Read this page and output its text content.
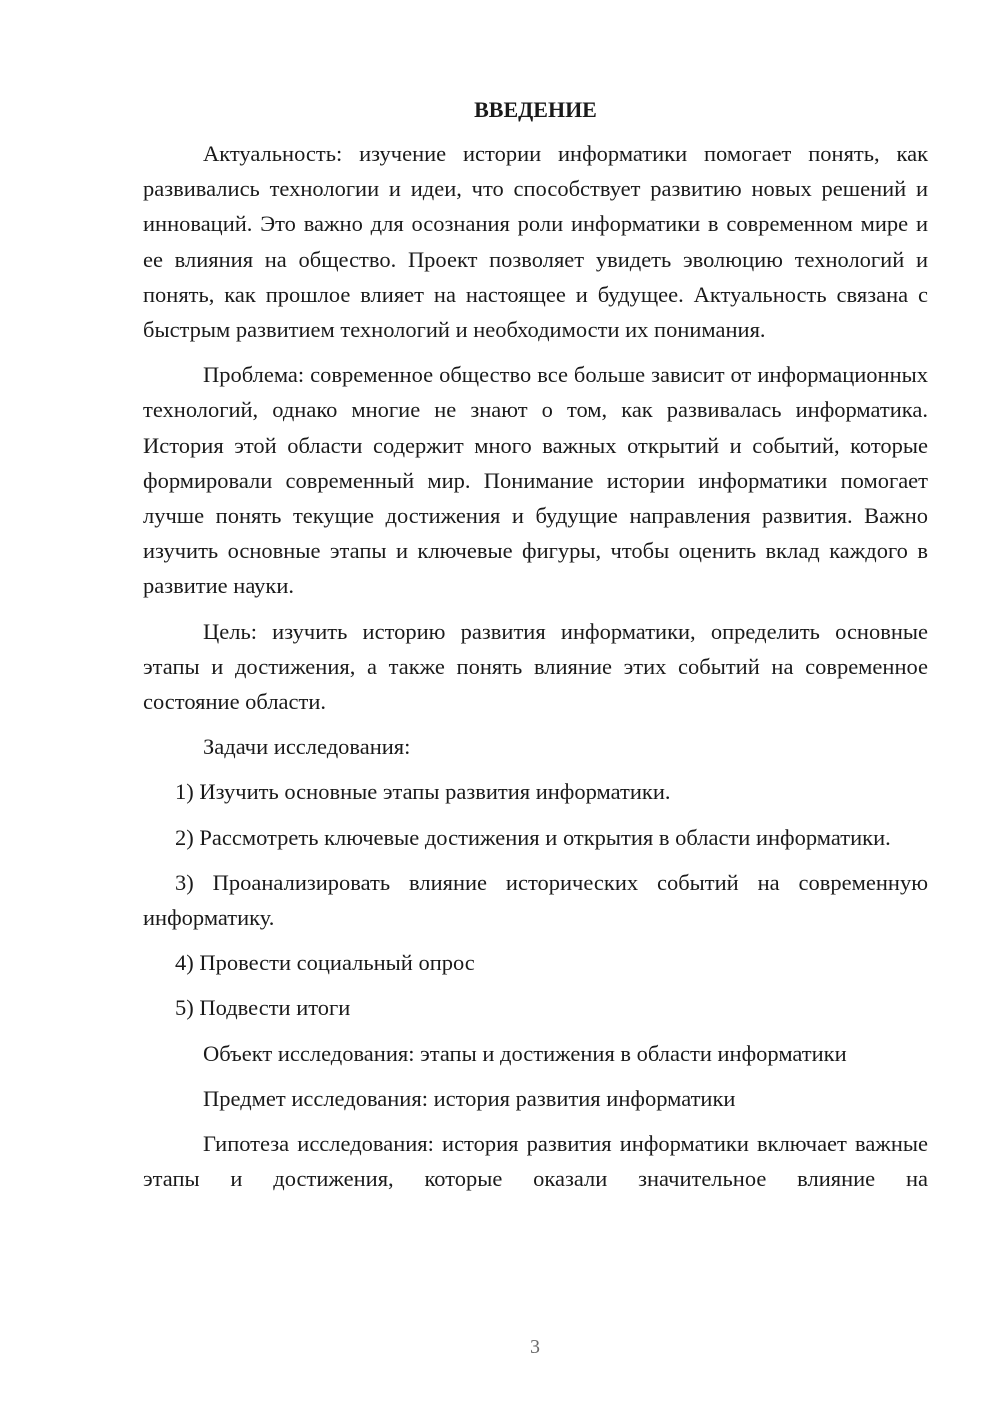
ВВЕДЕНИЕ

Актуальность: изучение истории информатики помогает понять, как развивались технологии и идеи, что способствует развитию новых решений и инноваций. Это важно для осознания роли информатики в современном мире и ее влияния на общество. Проект позволяет увидеть эволюцию технологий и понять, как прошлое влияет на настоящее и будущее. Актуальность связана с быстрым развитием технологий и необходимости их понимания.

Проблема: современное общество все больше зависит от информационных технологий, однако многие не знают о том, как развивалась информатика. История этой области содержит много важных открытий и событий, которые формировали современный мир. Понимание истории информатики помогает лучше понять текущие достижения и будущие направления развития. Важно изучить основные этапы и ключевые фигуры, чтобы оценить вклад каждого в развитие науки.

Цель: изучить историю развития информатики, определить основные этапы и достижения, а также понять влияние этих событий на современное состояние области.

Задачи исследования:

1) Изучить основные этапы развития информатики.

2) Рассмотреть ключевые достижения и открытия в области информатики.

3) Проанализировать влияние исторических событий на современную информатику.

4) Провести социальный опрос

5) Подвести итоги

Объект исследования: этапы и достижения в области информатики

Предмет исследования: история развития информатики

Гипотеза исследования: история развития информатики включает важные этапы и достижения, которые оказали значительное влияние на

3
